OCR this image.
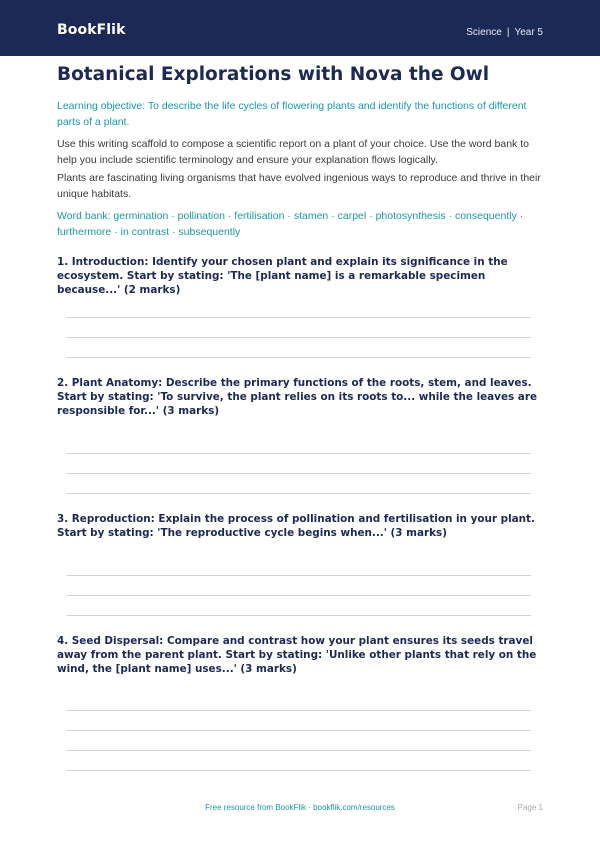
BookFlik	Science | Year 5
Botanical Explorations with Nova the Owl

Learning objective: To describe the life cycles of flowering plants and identify the functions of different parts of a plant.

Use this writing scaffold to compose a scientific report on a plant of your choice. Use the word bank to help you include scientific terminology and ensure your explanation flows logically.

Plants are fascinating living organisms that have evolved ingenious ways to reproduce and thrive in their unique habitats.

Word bank: germination · pollination · fertilisation · stamen · carpel · photosynthesis · consequently · furthermore · in contrast · subsequently

1. Introduction: Identify your chosen plant and explain its significance in the ecosystem. Start by stating: 'The [plant name] is a remarkable specimen because...' (2 marks)

2. Plant Anatomy: Describe the primary functions of the roots, stem, and leaves. Start by stating: 'To survive, the plant relies on its roots to... while the leaves are responsible for...' (3 marks)

3. Reproduction: Explain the process of pollination and fertilisation in your plant. Start by stating: 'The reproductive cycle begins when...' (3 marks)

4. Seed Dispersal: Compare and contrast how your plant ensures its seeds travel away from the parent plant. Start by stating: 'Unlike other plants that rely on the wind, the [plant name] uses...' (3 marks)

Free resource from BookFlik · bookflik.com/resources	Page 1
